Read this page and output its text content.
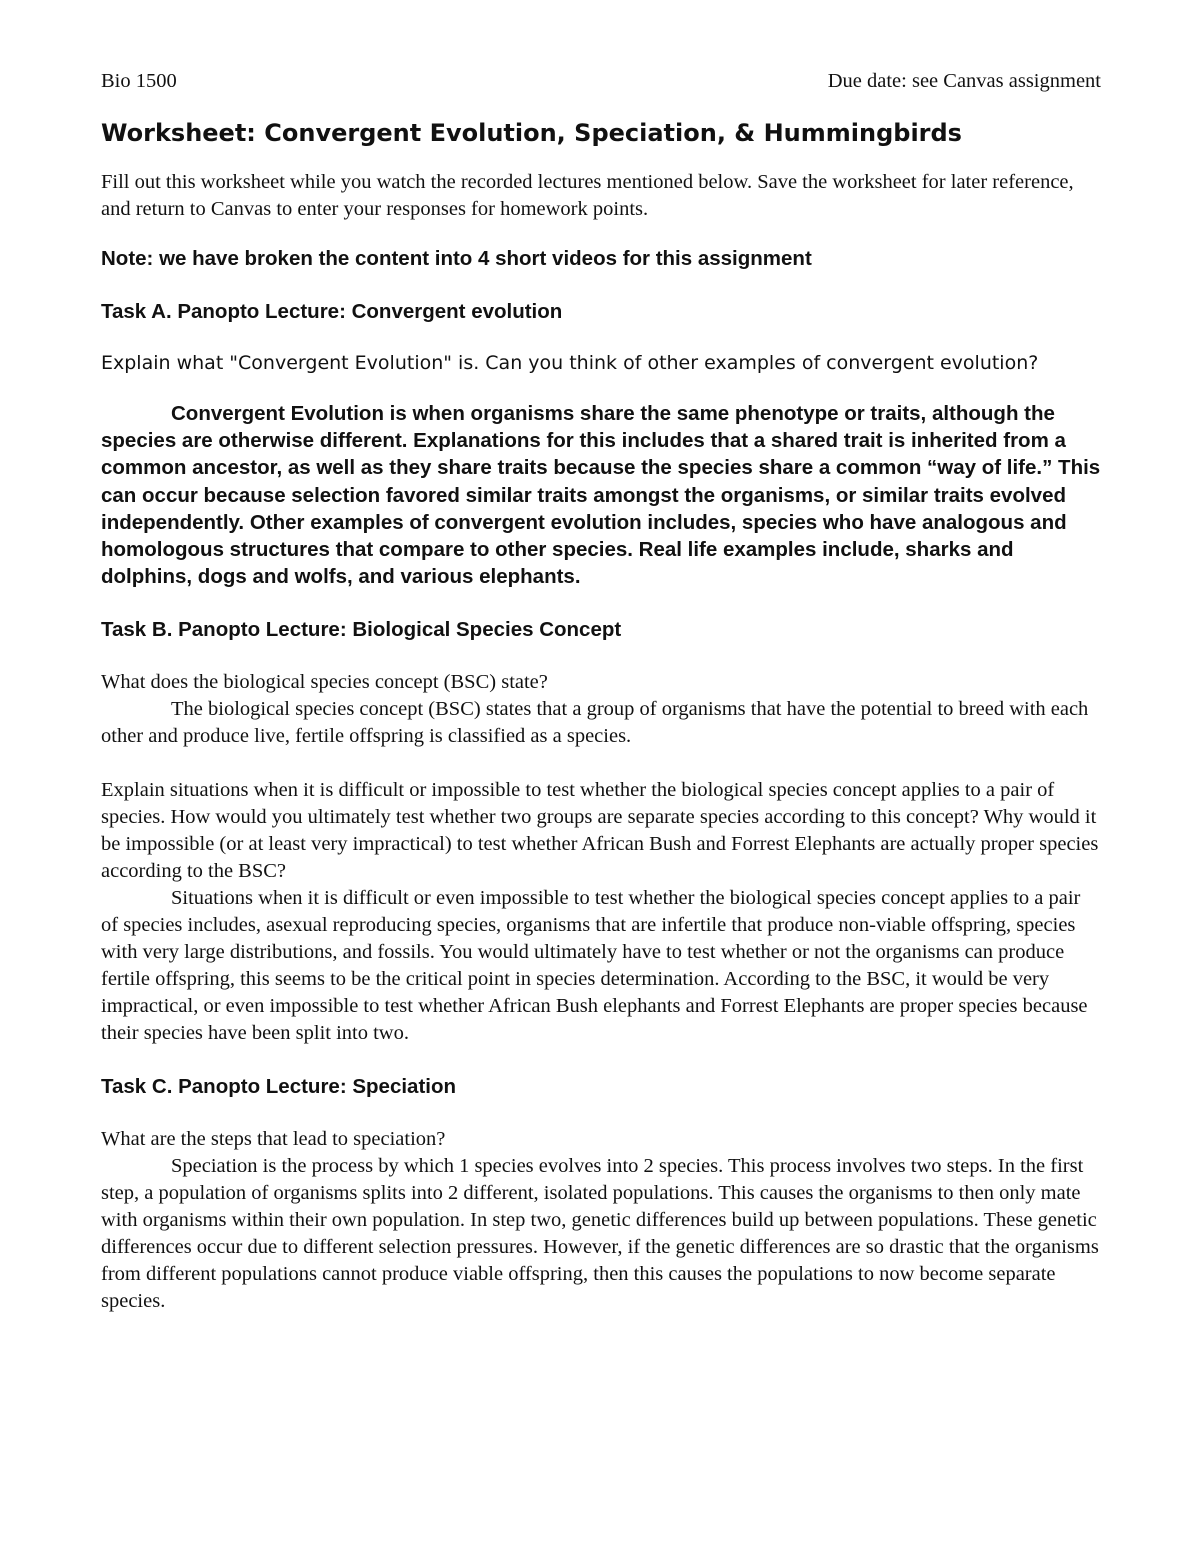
Bio 1500	Due date: see Canvas assignment
Worksheet: Convergent Evolution, Speciation, & Hummingbirds

Fill out this worksheet while you watch the recorded lectures mentioned below. Save the worksheet for later reference, and return to Canvas to enter your responses for homework points.

Note: we have broken the content into 4 short videos for this assignment

Task A. Panopto Lecture: Convergent evolution

Explain what "Convergent Evolution" is. Can you think of other examples of convergent evolution?

Convergent Evolution is when organisms share the same phenotype or traits, although the species are otherwise different. Explanations for this includes that a shared trait is inherited from a common ancestor, as well as they share traits because the species share a common “way of life.” This can occur because selection favored similar traits amongst the organisms, or similar traits evolved independently. Other examples of convergent evolution includes, species who have analogous and homologous structures that compare to other species. Real life examples include, sharks and dolphins, dogs and wolfs, and various elephants.

Task B. Panopto Lecture: Biological Species Concept

What does the biological species concept (BSC) state?

The biological species concept (BSC) states that a group of organisms that have the potential to breed with each other and produce live, fertile offspring is classified as a species.

Explain situations when it is difficult or impossible to test whether the biological species concept applies to a pair of species. How would you ultimately test whether two groups are separate species according to this concept? Why would it be impossible (or at least very impractical) to test whether African Bush and Forrest Elephants are actually proper species according to the BSC?

Situations when it is difficult or even impossible to test whether the biological species concept applies to a pair of species includes, asexual reproducing species, organisms that are infertile that produce non-viable offspring, species with very large distributions, and fossils. You would ultimately have to test whether or not the organisms can produce fertile offspring, this seems to be the critical point in species determination. According to the BSC, it would be very impractical, or even impossible to test whether African Bush elephants and Forrest Elephants are proper species because their species have been split into two.

Task C. Panopto Lecture: Speciation

What are the steps that lead to speciation?

Speciation is the process by which 1 species evolves into 2 species. This process involves two steps. In the first step, a population of organisms splits into 2 different, isolated populations. This causes the organisms to then only mate with organisms within their own population. In step two, genetic differences build up between populations. These genetic differences occur due to different selection pressures. However, if the genetic differences are so drastic that the organisms from different populations cannot produce viable offspring, then this causes the populations to now become separate species.
